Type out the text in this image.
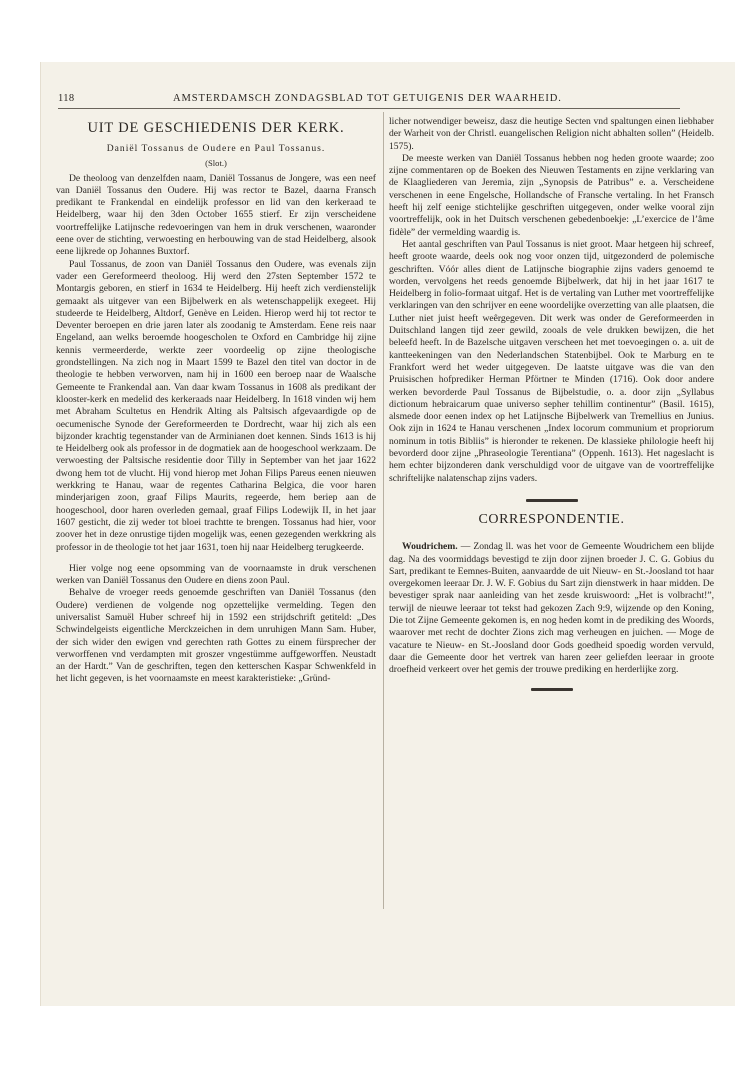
118	AMSTERDAMSCH ZONDAGSBLAD TOT GETUIGENIS DER WAARHEID.
UIT DE GESCHIEDENIS DER KERK.
Daniël Tossanus de Oudere en Paul Tossanus.
(Slot.)

De theoloog van denzelfden naam, Daniël Tossanus de Jongere, was een neef van Daniël Tossanus den Oudere. Hij was rector te Bazel, daarna Fransch predikant te Frankendal en eindelijk professor en lid van den kerkeraad te Heidelberg, waar hij den 3den October 1655 stierf. Er zijn verscheidene voortreffelijke Latijnsche redevoeringen van hem in druk verschenen, waaronder eene over de stichting, verwoesting en herbouwing van de stad Heidelberg, alsook eene lijkrede op Johannes Buxtorf.

Paul Tossanus, de zoon van Daniël Tossanus den Oudere, was evenals zijn vader een Gereformeerd theoloog. Hij werd den 27sten September 1572 te Montargis geboren, en stierf in 1634 te Heidelberg. Hij heeft zich verdienstelijk gemaakt als uitgever van een Bijbelwerk en als wetenschappelijk exegeet. Hij studeerde te Heidelberg, Altdorf, Genève en Leiden. Hierop werd hij tot rector te Deventer beroepen en drie jaren later als zoodanig te Amsterdam. Eene reis naar Engeland, aan welks beroemde hoogescholen te Oxford en Cambridge hij zijne kennis vermeerderde, werkte zeer voordeelig op zijne theologische grondstellingen. Na zich nog in Maart 1599 te Bazel den titel van doctor in de theologie te hebben verworven, nam hij in 1600 een beroep naar de Waalsche Gemeente te Frankendal aan. Van daar kwam Tossanus in 1608 als predikant der klooster-kerk en medelid des kerkeraads naar Heidelberg. In 1618 vinden wij hem met Abraham Scultetus en Hendrik Alting als Paltsisch afgevaardigde op de oecumenische Synode der Gereformeerden te Dordrecht, waar hij zich als een bijzonder krachtig tegenstander van de Arminianen doet kennen. Sinds 1613 is hij te Heidelberg ook als professor in de dogmatiek aan de hoogeschool werkzaam. De verwoesting der Paltsische residentie door Tilly in September van het jaar 1622 dwong hem tot de vlucht. Hij vond hierop met Johan Filips Pareus eenen nieuwen werkkring te Hanau, waar de regentes Catharina Belgica, die voor haren minderjarigen zoon, graaf Filips Maurits, regeerde, hem beriep aan de hoogeschool, door haren overleden gemaal, graaf Filips Lodewijk II, in het jaar 1607 gesticht, die zij weder tot bloei trachtte te brengen. Tossanus had hier, voor zoover het in deze onrustige tijden mogelijk was, eenen gezegenden werkkring als professor in de theologie tot het jaar 1631, toen hij naar Heidelberg terugkeerde.

Hier volge nog eene opsomming van de voornaamste in druk verschenen werken van Daniël Tossanus den Oudere en diens zoon Paul.

Behalve de vroeger reeds genoemde geschriften van Daniël Tossanus (den Oudere) verdienen de volgende nog opzettelijke vermelding. Tegen den universalist Samuël Huber schreef hij in 1592 een strijdschrift getiteld: „Des Schwindelgeists eigentliche Merckzeichen in dem unruhigen Mann Sam. Huber, der sich wider den ewigen vnd gerechten rath Gottes zu einem fürsprecher der verworffenen vnd verdampten mit groszer vngestümme auffgeworffen. Neustadt an der Hardt.” Van de geschriften, tegen den ketterschen Kaspar Schwenkfeld in het licht gegeven, is het voornaamste en meest karakteristieke: „Gründ-

licher notwendiger beweisz, dasz die heutige Secten vnd spaltungen einen liebhaber der Warheit von der Christl. euangelischen Religion nicht abhalten sollen” (Heidelb. 1575).

De meeste werken van Daniël Tossanus hebben nog heden groote waarde; zoo zijne commentaren op de Boeken des Nieuwen Testaments en zijne verklaring van de Klaagliederen van Jeremia, zijn „Synopsis de Patribus” e. a. Verscheidene verschenen in eene Engelsche, Hollandsche of Fransche vertaling. In het Fransch heeft hij zelf eenige stichtelijke geschriften uitgegeven, onder welke vooral zijn voortreffelijk, ook in het Duitsch verschenen gebedenboekje: „L’exercice de l’âme fidèle” der vermelding waardig is.

Het aantal geschriften van Paul Tossanus is niet groot. Maar hetgeen hij schreef, heeft groote waarde, deels ook nog voor onzen tijd, uitgezonderd de polemische geschriften. Vóór alles dient de Latijnsche biographie zijns vaders genoemd te worden, vervolgens het reeds genoemde Bijbelwerk, dat hij in het jaar 1617 te Heidelberg in folio-formaat uitgaf. Het is de vertaling van Luther met voortreffelijke verklaringen van den schrijver en eene woordelijke overzetting van alle plaatsen, die Luther niet juist heeft weêrgegeven. Dit werk was onder de Gereformeerden in Duitschland langen tijd zeer gewild, zooals de vele drukken bewijzen, die het beleefd heeft. In de Bazelsche uitgaven verscheen het met toevoegingen o. a. uit de kantteekeningen van den Nederlandschen Statenbijbel. Ook te Marburg en te Frankfort werd het weder uitgegeven. De laatste uitgave was die van den Pruisischen hofprediker Herman Pförtner te Minden (1716). Ook door andere werken bevorderde Paul Tossanus de Bijbelstudie, o. a. door zijn „Syllabus dictionum hebraicarum quae universo sepher tehillim continentur” (Basil. 1615), alsmede door eenen index op het Latijnsche Bijbelwerk van Tremellius en Junius. Ook zijn in 1624 te Hanau verschenen „Index locorum communium et propriorum nominum in totis Bibliis” is hieronder te rekenen. De klassieke philologie heeft hij bevorderd door zijne „Phraseologie Terentiana” (Oppenh. 1613). Het nageslacht is hem echter bijzonderen dank verschuldigd voor de uitgave van de voortreffelijke schriftelijke nalatenschap zijns vaders.

CORRESPONDENTIE.

Woudrichem. — Zondag ll. was het voor de Gemeente Woudrichem een blijde dag. Na des voormiddags bevestigd te zijn door zijnen broeder J. C. G. Gobius du Sart, predikant te Eemnes-Buiten, aanvaardde de uit Nieuw- en St.-Joosland tot haar overgekomen leeraar Dr. J. W. F. Gobius du Sart zijn dienstwerk in haar midden. De bevestiger sprak naar aanleiding van het zesde kruiswoord: „Het is volbracht!”, terwijl de nieuwe leeraar tot tekst had gekozen Zach 9:9, wijzende op den Koning, Die tot Zijne Gemeente gekomen is, en nog heden komt in de prediking des Woords, waarover met recht de dochter Zions zich mag verheugen en juichen. — Moge de vacature te Nieuw- en St.-Joosland door Gods goedheid spoedig worden vervuld, daar die Gemeente door het vertrek van haren zeer geliefden leeraar in groote droefheid verkeert over het gemis der trouwe prediking en herderlijke zorg.
